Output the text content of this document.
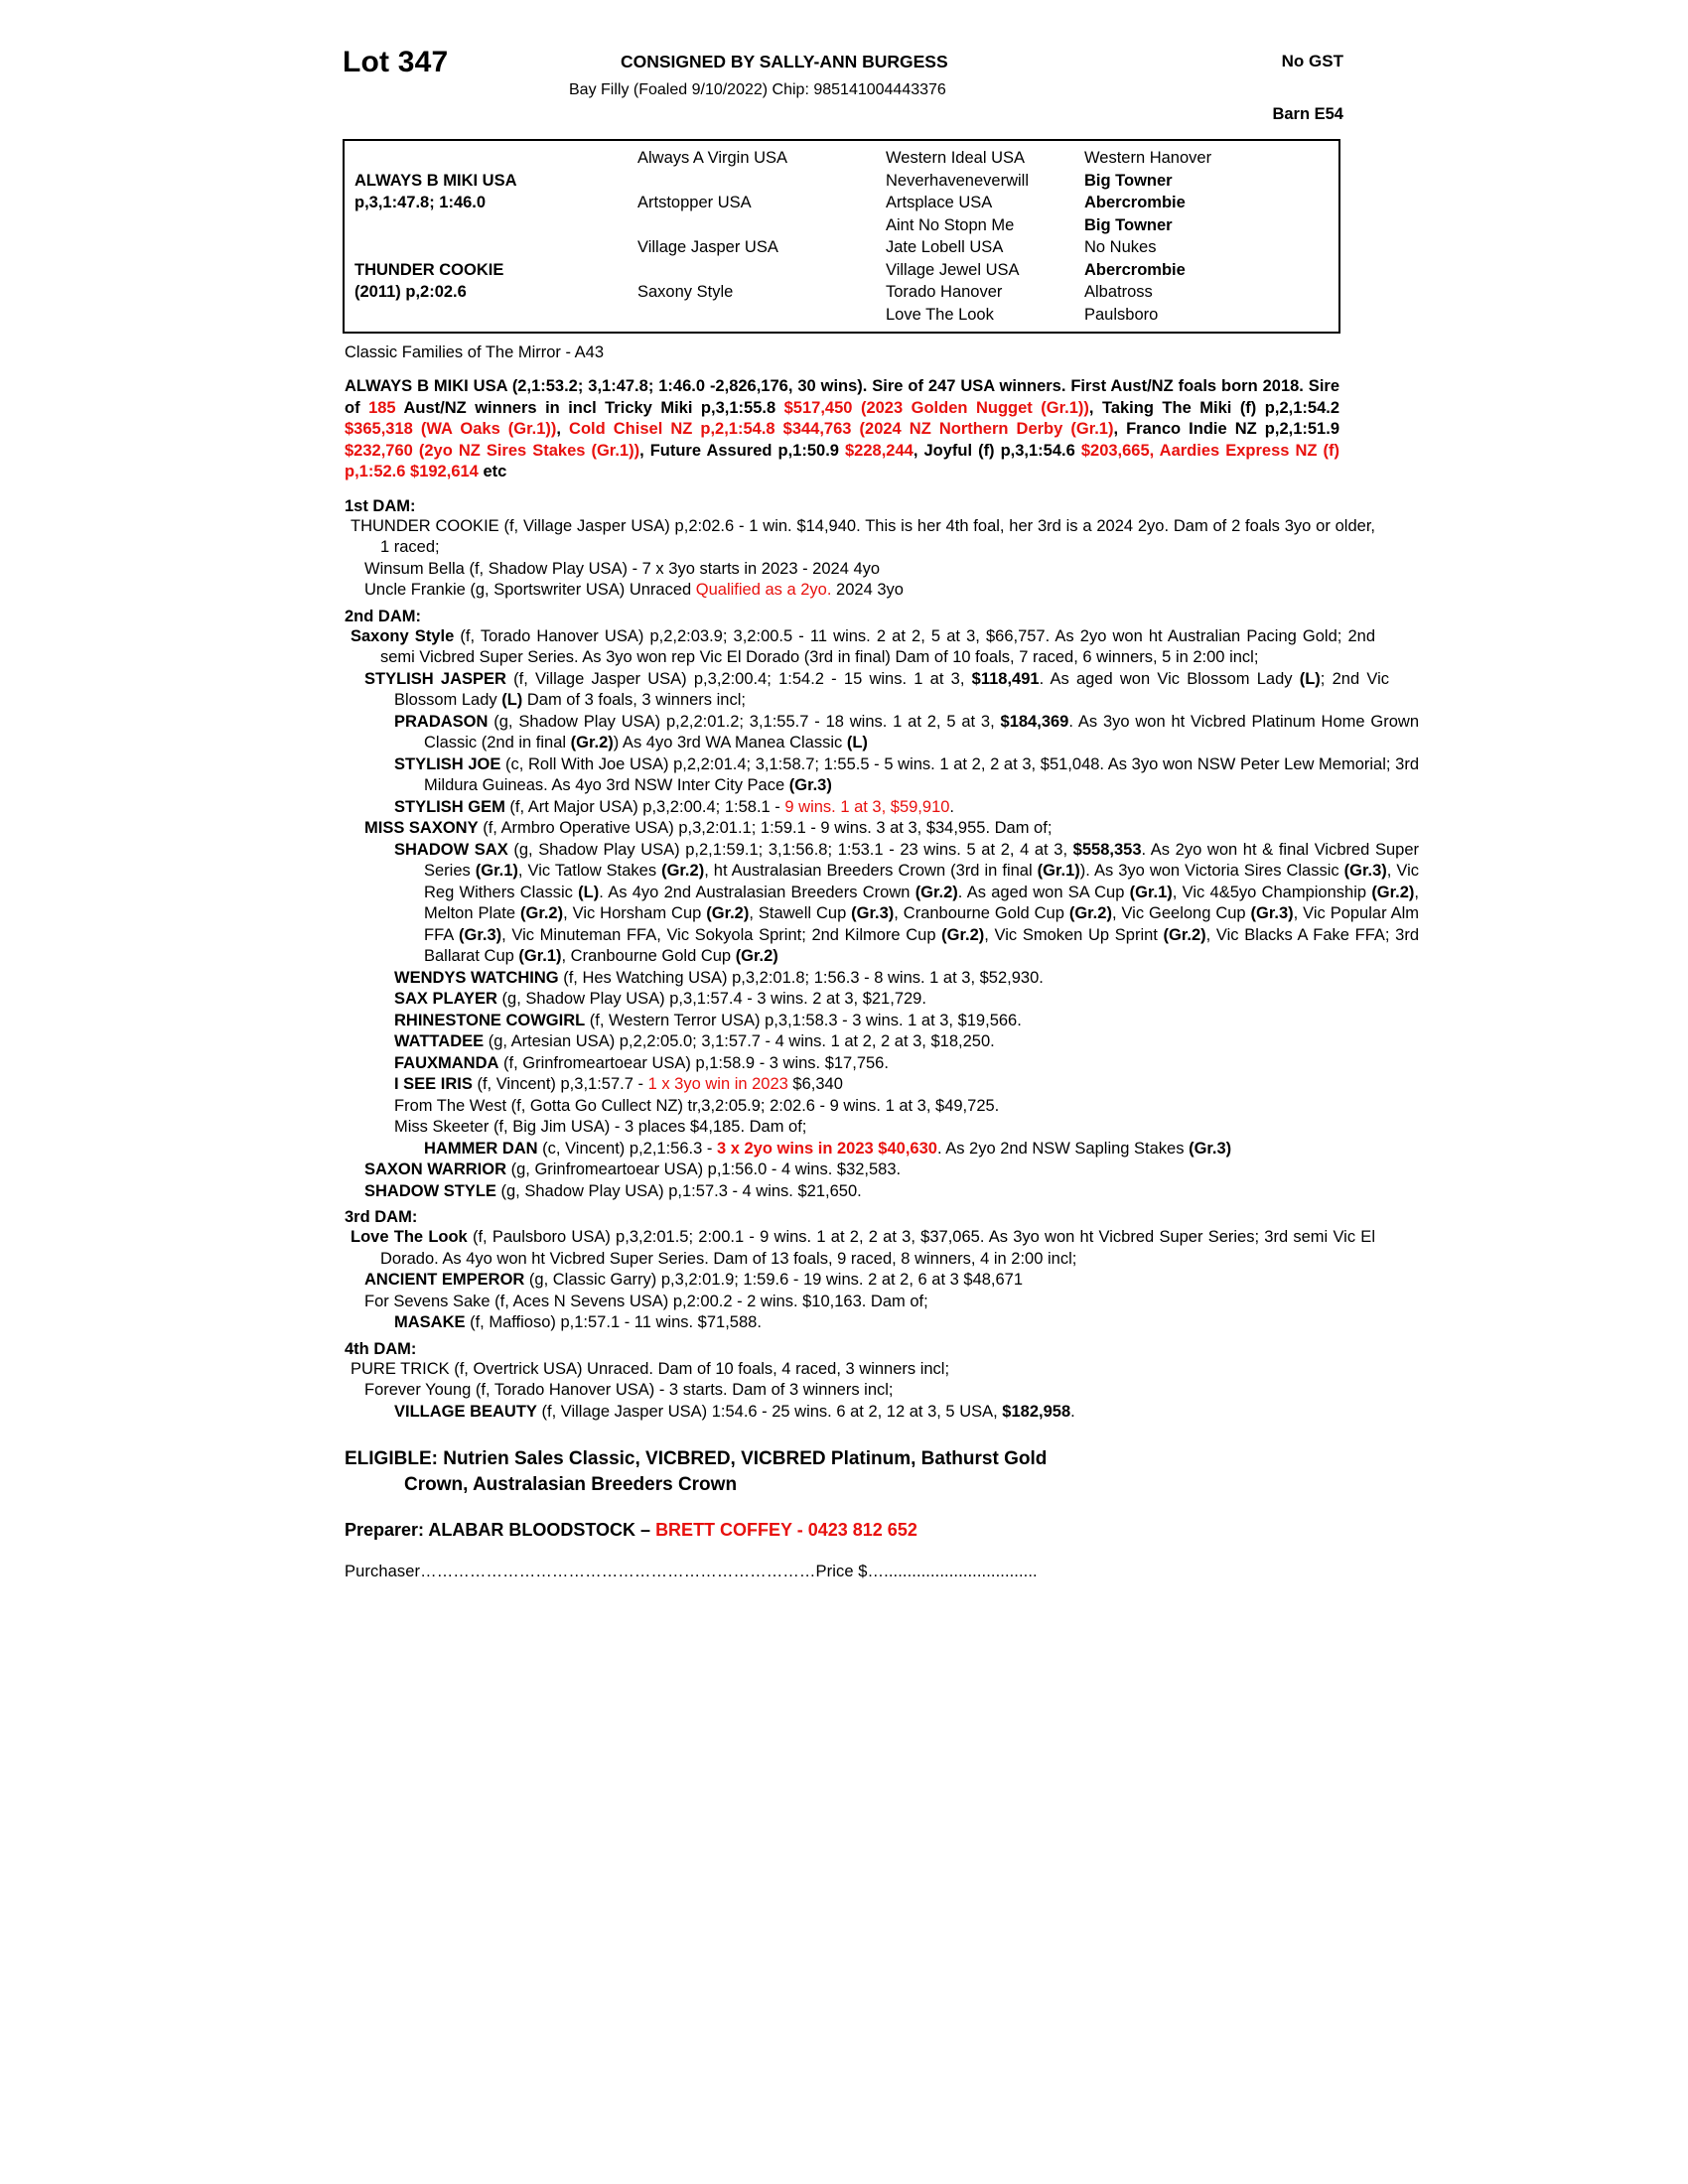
Lot 347	CONSIGNED BY SALLY-ANN BURGESS	No GST
Bay Filly (Foaled 9/10/2022) Chip: 985141004443376
Barn E54
ALWAYS B MIKI USA
p,3,1:47.8; 1:46.0
THUNDER COOKIE
(2011) p,2:02.6
Always A Virgin USA
Artstopper USA
Village Jasper USA
Saxony Style
Western Ideal USA
Neverhaveneverwill
Artsplace USA
Aint No Stopn Me
Jate Lobell USA
Village Jewel USA
Torado Hanover
Love The Look
Western Hanover
Big Towner
Abercrombie
Big Towner
No Nukes
Abercrombie
Albatross
Paulsboro
Classic Families of The Mirror - A43
ALWAYS B MIKI USA (2,1:53.2; 3,1:47.8; 1:46.0 -2,826,176, 30 wins). Sire of 247 USA winners. First Aust/NZ foals born 2018. Sire of 185 Aust/NZ winners in incl Tricky Miki p,3,1:55.8 $517,450 (2023 Golden Nugget (Gr.1)), Taking The Miki (f) p,2,1:54.2 $365,318 (WA Oaks (Gr.1)), Cold Chisel NZ p,2,1:54.8 $344,763 (2024 NZ Northern Derby (Gr.1), Franco Indie NZ p,2,1:51.9 $232,760 (2yo NZ Sires Stakes (Gr.1)), Future Assured p,1:50.9 $228,244, Joyful (f) p,3,1:54.6 $203,665, Aardies Express NZ (f) p,1:52.6 $192,614 etc
1st DAM:

THUNDER COOKIE (f, Village Jasper USA) p,2:02.6 - 1 win. $14,940. This is her 4th foal, her 3rd is a 2024 2yo. Dam of 2 foals 3yo or older, 1 raced;

Winsum Bella (f, Shadow Play USA) - 7 x 3yo starts in 2023 - 2024 4yo

Uncle Frankie (g, Sportswriter USA) Unraced Qualified as a 2yo. 2024 3yo

2nd DAM:

Saxony Style (f, Torado Hanover USA) p,2,2:03.9; 3,2:00.5 - 11 wins. 2 at 2, 5 at 3, $66,757. As 2yo won ht Australian Pacing Gold; 2nd semi Vicbred Super Series. As 3yo won rep Vic El Dorado (3rd in final) Dam of 10 foals, 7 raced, 6 winners, 5 in 2:00 incl;

STYLISH JASPER (f, Village Jasper USA) p,3,2:00.4; 1:54.2 - 15 wins. 1 at 3, $118,491. As aged won Vic Blossom Lady (L); 2nd Vic Blossom Lady (L) Dam of 3 foals, 3 winners incl;

PRADASON (g, Shadow Play USA) p,2,2:01.2; 3,1:55.7 - 18 wins. 1 at 2, 5 at 3, $184,369. As 3yo won ht Vicbred Platinum Home Grown Classic (2nd in final (Gr.2)) As 4yo 3rd WA Manea Classic (L)

STYLISH JOE (c, Roll With Joe USA) p,2,2:01.4; 3,1:58.7; 1:55.5 - 5 wins. 1 at 2, 2 at 3, $51,048. As 3yo won NSW Peter Lew Memorial; 3rd Mildura Guineas. As 4yo 3rd NSW Inter City Pace (Gr.3)

STYLISH GEM (f, Art Major USA) p,3,2:00.4; 1:58.1 - 9 wins. 1 at 3, $59,910.

MISS SAXONY (f, Armbro Operative USA) p,3,2:01.1; 1:59.1 - 9 wins. 3 at 3, $34,955. Dam of;

SHADOW SAX (g, Shadow Play USA) p,2,1:59.1; 3,1:56.8; 1:53.1 - 23 wins. 5 at 2, 4 at 3, $558,353. As 2yo won ht & final Vicbred Super Series (Gr.1), Vic Tatlow Stakes (Gr.2), ht Australasian Breeders Crown (3rd in final (Gr.1)). As 3yo won Victoria Sires Classic (Gr.3), Vic Reg Withers Classic (L). As 4yo 2nd Australasian Breeders Crown (Gr.2). As aged won SA Cup (Gr.1), Vic 4&5yo Championship (Gr.2), Melton Plate (Gr.2), Vic Horsham Cup (Gr.2), Stawell Cup (Gr.3), Cranbourne Gold Cup (Gr.2), Vic Geelong Cup (Gr.3), Vic Popular Alm FFA (Gr.3), Vic Minuteman FFA, Vic Sokyola Sprint; 2nd Kilmore Cup (Gr.2), Vic Smoken Up Sprint (Gr.2), Vic Blacks A Fake FFA; 3rd Ballarat Cup (Gr.1), Cranbourne Gold Cup (Gr.2)

WENDYS WATCHING (f, Hes Watching USA) p,3,2:01.8; 1:56.3 - 8 wins. 1 at 3, $52,930.

SAX PLAYER (g, Shadow Play USA) p,3,1:57.4 - 3 wins. 2 at 3, $21,729.

RHINESTONE COWGIRL (f, Western Terror USA) p,3,1:58.3 - 3 wins. 1 at 3, $19,566.

WATTADEE (g, Artesian USA) p,2,2:05.0; 3,1:57.7 - 4 wins. 1 at 2, 2 at 3, $18,250.

FAUXMANDA (f, Grinfromeartoear USA) p,1:58.9 - 3 wins. $17,756.

I SEE IRIS (f, Vincent) p,3,1:57.7 - 1 x 3yo win in 2023 $6,340

From The West (f, Gotta Go Cullect NZ) tr,3,2:05.9; 2:02.6 - 9 wins. 1 at 3, $49,725.

Miss Skeeter (f, Big Jim USA) - 3 places $4,185. Dam of;

HAMMER DAN (c, Vincent) p,2,1:56.3 - 3 x 2yo wins in 2023 $40,630. As 2yo 2nd NSW Sapling Stakes (Gr.3)

SAXON WARRIOR (g, Grinfromeartoear USA) p,1:56.0 - 4 wins. $32,583.

SHADOW STYLE (g, Shadow Play USA) p,1:57.3 - 4 wins. $21,650.

3rd DAM:

Love The Look (f, Paulsboro USA) p,3,2:01.5; 2:00.1 - 9 wins. 1 at 2, 2 at 3, $37,065. As 3yo won ht Vicbred Super Series; 3rd semi Vic El Dorado. As 4yo won ht Vicbred Super Series. Dam of 13 foals, 9 raced, 8 winners, 4 in 2:00 incl;

ANCIENT EMPEROR (g, Classic Garry) p,3,2:01.9; 1:59.6 - 19 wins. 2 at 2, 6 at 3 $48,671

For Sevens Sake (f, Aces N Sevens USA) p,2:00.2 - 2 wins. $10,163. Dam of;

MASAKE (f, Maffioso) p,1:57.1 - 11 wins. $71,588.

4th DAM:

PURE TRICK (f, Overtrick USA) Unraced. Dam of 10 foals, 4 raced, 3 winners incl;

Forever Young (f, Torado Hanover USA) - 3 starts. Dam of 3 winners incl;

VILLAGE BEAUTY (f, Village Jasper USA) 1:54.6 - 25 wins. 6 at 2, 12 at 3, 5 USA, $182,958.

ELIGIBLE: Nutrien Sales Classic, VICBRED, VICBRED Platinum, Bathurst Gold
Crown, Australasian Breeders Crown
Preparer: ALABAR BLOODSTOCK – BRETT COFFEY - 0423 812 652
Purchaser………………………………………………………………Price $….................................
